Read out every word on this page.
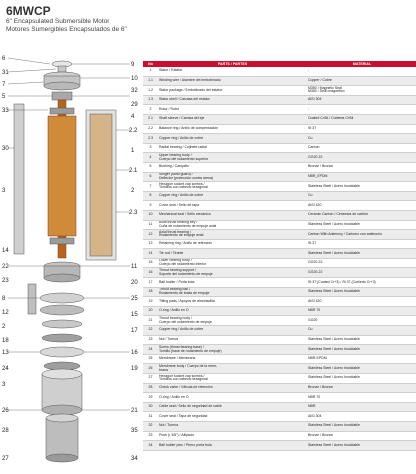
6MWCP
6" Encapsulated Submersible Motor
Motores Sumergibles Encapsulados de 6"
6
31
7
5
33
30
3
14
22
23
8
12
2
18
13
24
3
26
28
27
9
10
32
29
4
2.2
1
2.1
2
2.3
11
20
25
15
17
16
19
21
35
34
No	PARTS / PARTES	MATERIAL
1	Stator / Estator	-
1.1	Winding wire / Alambre del embobinado	Copper / Cobre
1.2	Stator package / Embobinado del estator	M350 / Magnetic Seal
M350 / Sello magnético
1.3	Stator shell / Carcasa del estator	AISI 304
2	Rotor / Rotor	-
2.1	Shaft sleeve / Camisa del eje	Coated Cr/Ni / Cubierta Cr/Ni
2.2	Balance ring / Anillo de compensación	St 37
2.3	Copper ring / Anillo de cobre	Cu
3	Radial bearing / Cojinete radial	Carbon
4	Upper bearing body /
Cuerpo del rodamiento superior	GG20-22
5	Bushing / Casquillo	Bronze / Bronce
6	Slinger (sand guard) /
Deflector (protección contra arena)	NBR_EPDM
7	Hexagon socket cap screws /
Tornillos con cabeza hexagonal	Stainless Steel / Acero Inoxidable
8	Copper ring / Anillo de cobre	Cu
9	Cover seal / Sello de tapa	AISI 420
10	Mechanical seal / Sello mecánico	Ceramic Carbon / Cerámica de carbón
11	Axial thrust bearing key /
Cuña de rodamiento de empuje axial	Stainless Steel / Acero Inoxidable
12	Axial thrust bearing /
Rodamiento de empuje axial	Carbon With Antimony / Carbono con antimonio
13	Retaining ring / Anillo de retención	St 37
14	Tie rod / Tirante	Stainless Steel / Acero Inoxidable
15	Lower bearing body /
Cuerpo del rodamiento inferior	GG20-22
16	Thrust bearing support /
Soporte del rodamiento de empuje	GG20-22
17	Ball holder / Porta bola	St 37 (Coated Cr+3) / St 37 (Cubierto Cr+3)
18	Thrust bearing ball /
Rodamiento de bolas de empuje	Stainless Steel / Acero Inoxidable
19	Tilting pads / Apoyos de almohadilla	AISI 420
20	O-ring / Anillo en O	NBR 70
21	Thrust bearing body /
Cuerpo del rodamiento de empuje	GG20
22	Copper ring / Anillo de cobre	Cu
23	Nut / Tuerca	Stainless Steel / Acero Inoxidable
24	Screw (thrust bearing base) /
Tornillo (base de rodamiento de empuje)	Stainless Steel / Acero Inoxidable
25	Membrane / Membrana	NBR-EPDM
26	Membrane body / Cuerpo de la mem-
brana	Stainless Steel / Acero Inoxidable
27	Hexagon socket cap screws /
Tornillos con cabeza hexagonal	Stainless Steel / Acero Inoxidable
28	Check valve / Válvula de retención	Bronze / Bronce
29	O-ring / Anillo en O	NBR 70
30	Cable seal / Sello de seguridad de cable	NBR
31	Cover seal / Tapa de seguridad	AISI 304
32	Nut / Tuerca	Stainless Steel / Acero Inoxidable
33	Push (r 3/8") / Afilpado	Bronze / Bronce
34	Ball holder pins / Perno porta bola	Stainless Steel / Acero Inoxidable
